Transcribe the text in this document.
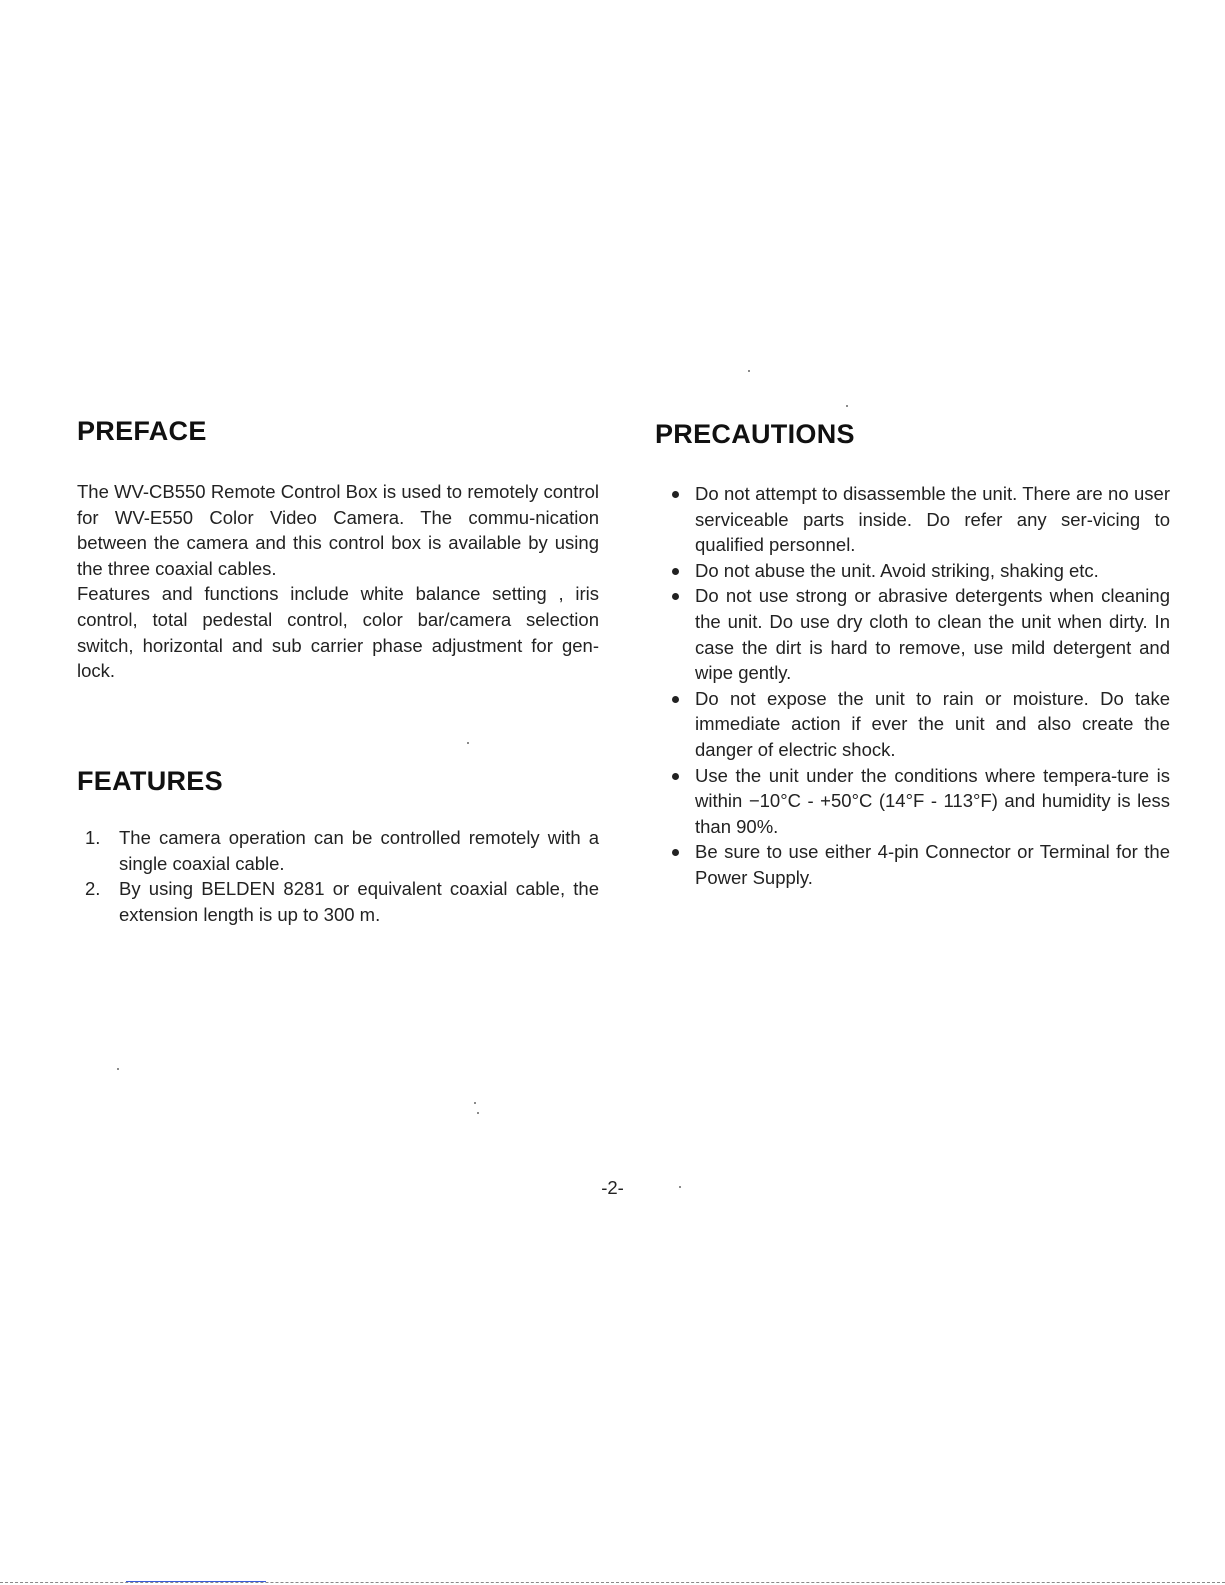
PREFACE

The WV-CB550 Remote Control Box is used to remotely control for WV-E550 Color Video Camera. The commu-nication between the camera and this control box is available by using the three coaxial cables.

Features and functions include white balance setting , iris control, total pedestal control, color bar/camera selection switch, horizontal and sub carrier phase adjustment for gen-lock.

FEATURES
1. The camera operation can be controlled remotely with a single coaxial cable.
2. By using BELDEN 8281 or equivalent coaxial cable, the extension length is up to 300 m.
PRECAUTIONS
Do not attempt to disassemble the unit. There are no user serviceable parts inside. Do refer any ser-vicing to qualified personnel.
Do not abuse the unit. Avoid striking, shaking etc.
Do not use strong or abrasive detergents when cleaning the unit. Do use dry cloth to clean the unit when dirty. In case the dirt is hard to remove, use mild detergent and wipe gently.
Do not expose the unit to rain or moisture. Do take immediate action if ever the unit and also create the danger of electric shock.
Use the unit under the conditions where tempera-ture is within −10°C - +50°C (14°F - 113°F) and humidity is less than 90%.
Be sure to use either 4-pin Connector or Terminal for the Power Supply.
-2-
